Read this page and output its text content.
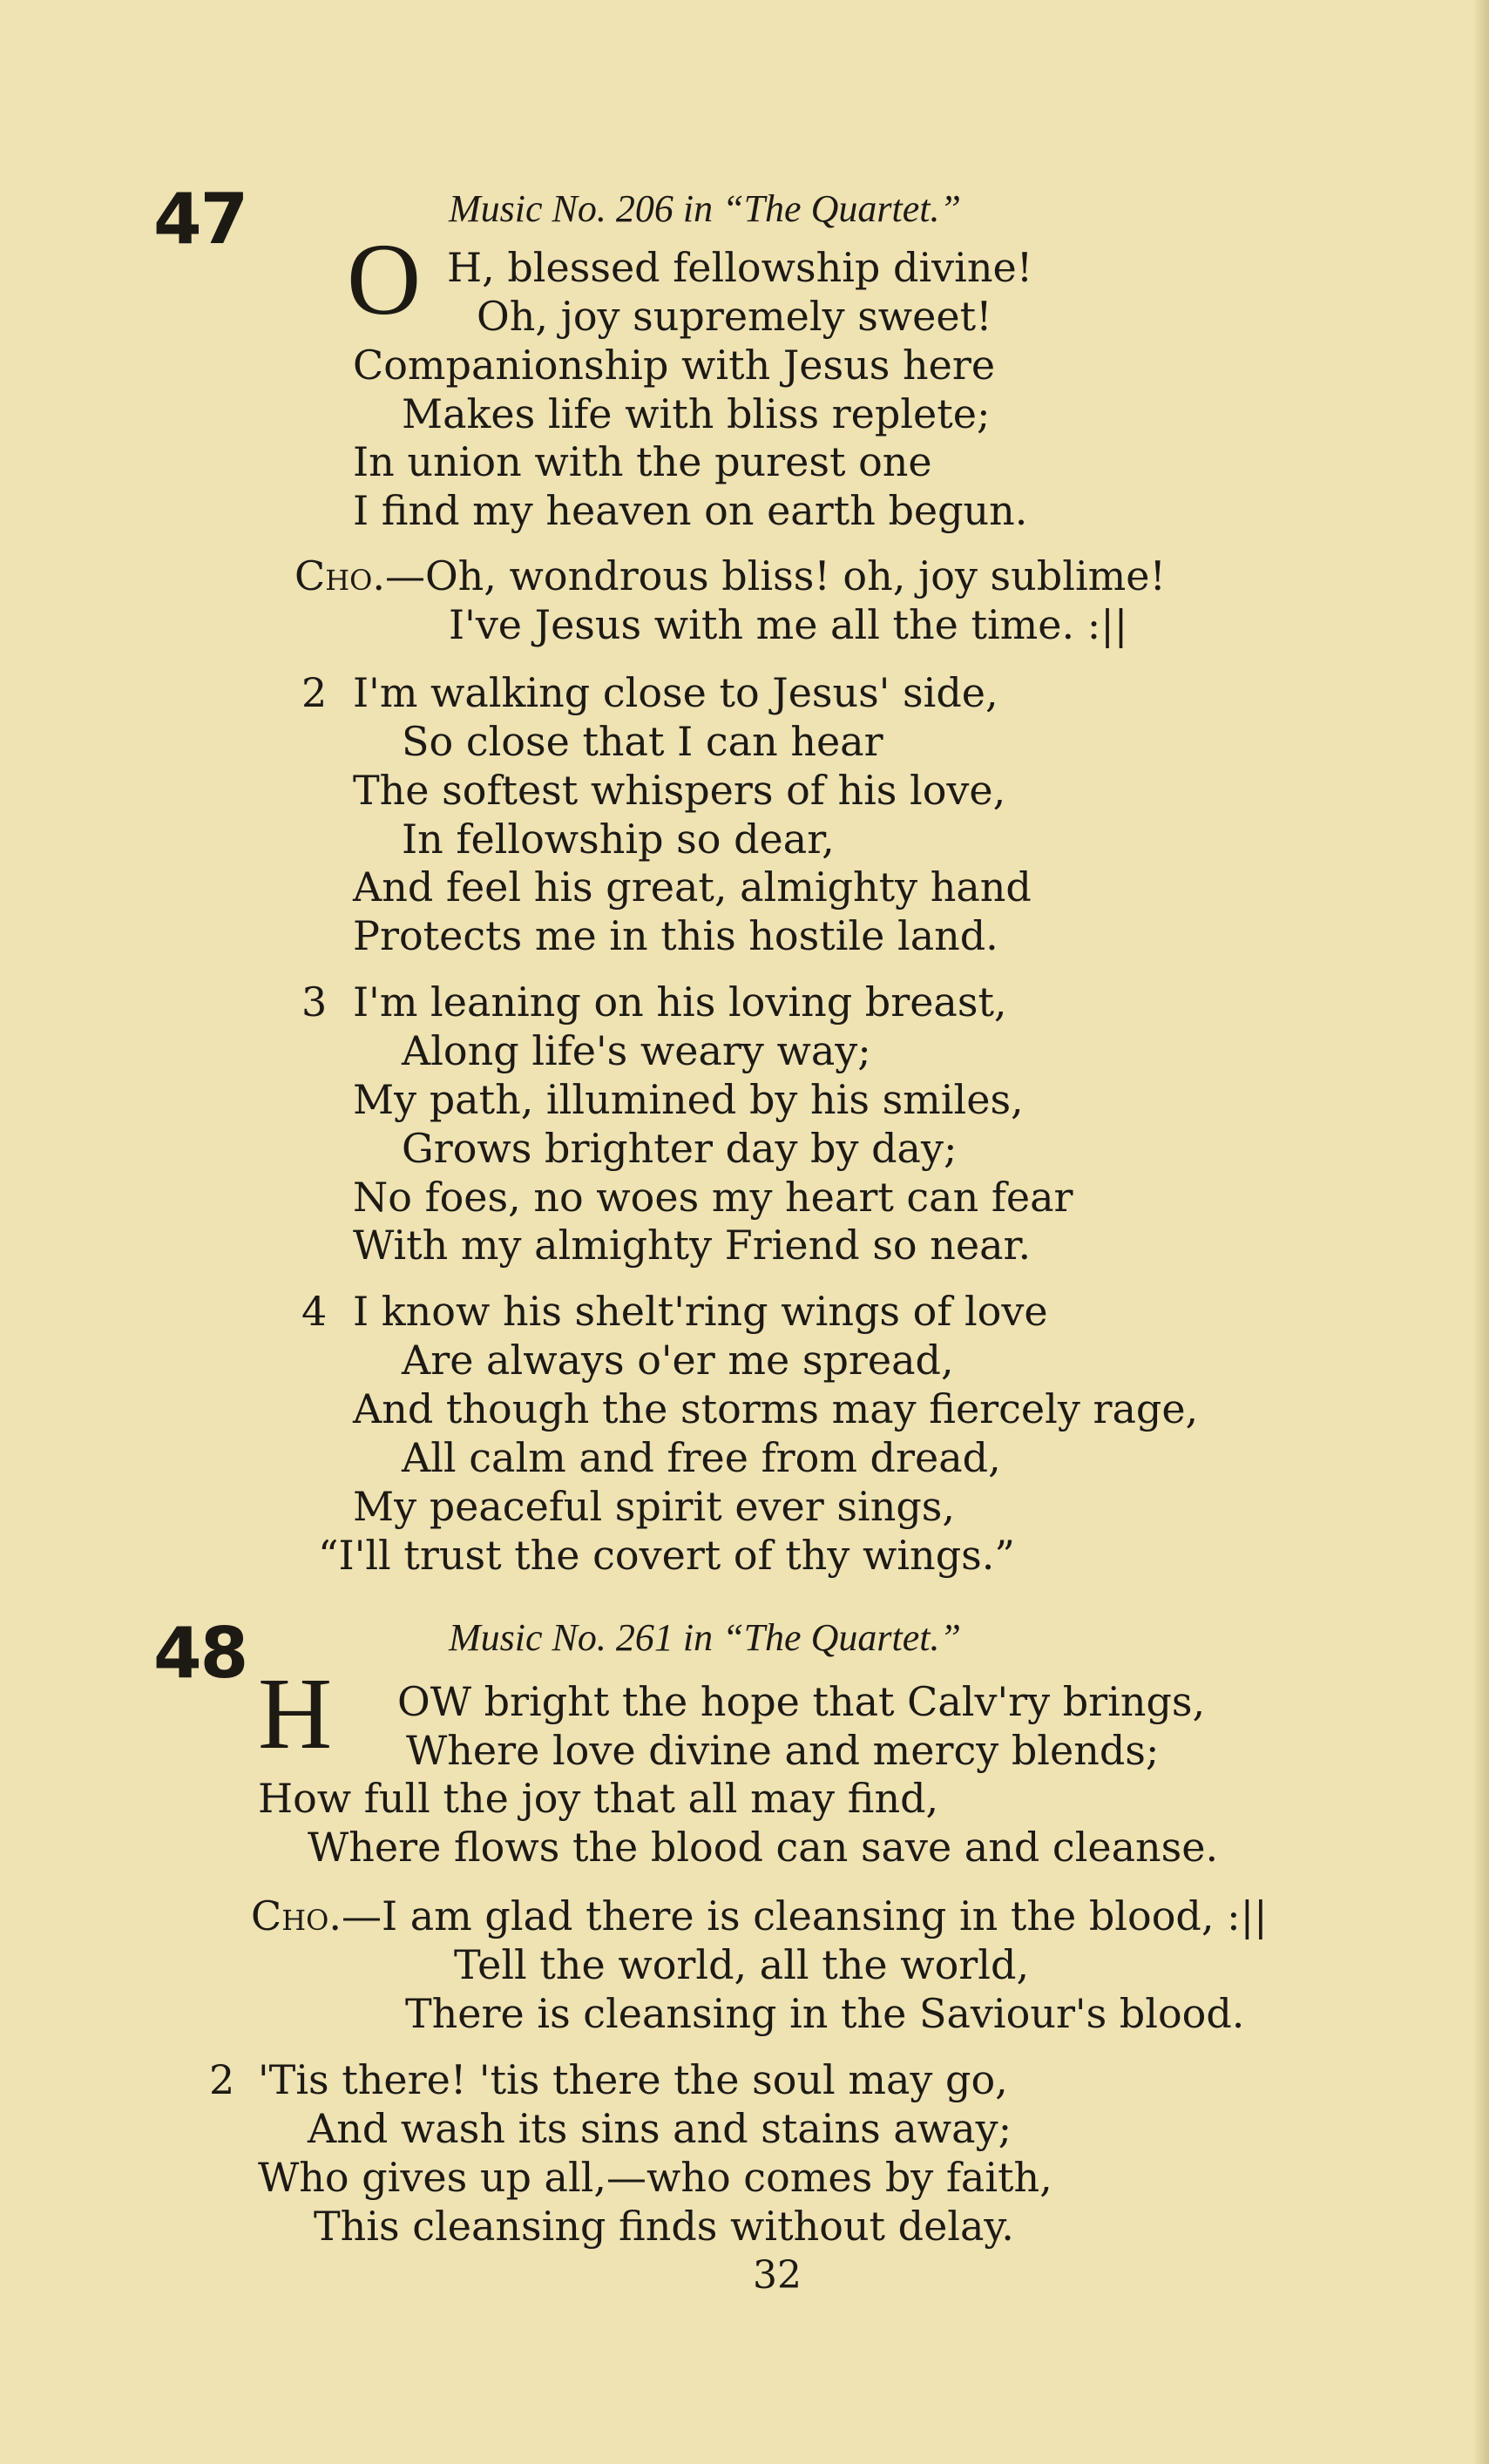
47	Music No. 206 in “The Quartet.”
O H, blessed fellowship divine!
Oh, joy supremely sweet!
Companionship with Jesus here
Makes life with bliss replete;
In union with the purest one
I find my heaven on earth begun.
Cho.—Oh, wondrous bliss! oh, joy sublime!
I've Jesus with me all the time. :||
2 I'm walking close to Jesus' side,
So close that I can hear
The softest whispers of his love,
In fellowship so dear,
And feel his great, almighty hand
Protects me in this hostile land.
3 I'm leaning on his loving breast,
Along life's weary way;
My path, illumined by his smiles,
Grows brighter day by day;
No foes, no woes my heart can fear
With my almighty Friend so near.
4 I know his shelt'ring wings of love
Are always o'er me spread,
And though the storms may fiercely rage,
All calm and free from dread,
My peaceful spirit ever sings,
“I'll trust the covert of thy wings.”
48	Music No. 261 in “The Quartet.”
H OW bright the hope that Calv'ry brings,
Where love divine and mercy blends;
How full the joy that all may find,
Where flows the blood can save and cleanse.
Cho.—I am glad there is cleansing in the blood, :||
Tell the world, all the world,
There is cleansing in the Saviour's blood.
2 'Tis there! 'tis there the soul may go,
And wash its sins and stains away;
Who gives up all,—who comes by faith,
This cleansing finds without delay.
32
